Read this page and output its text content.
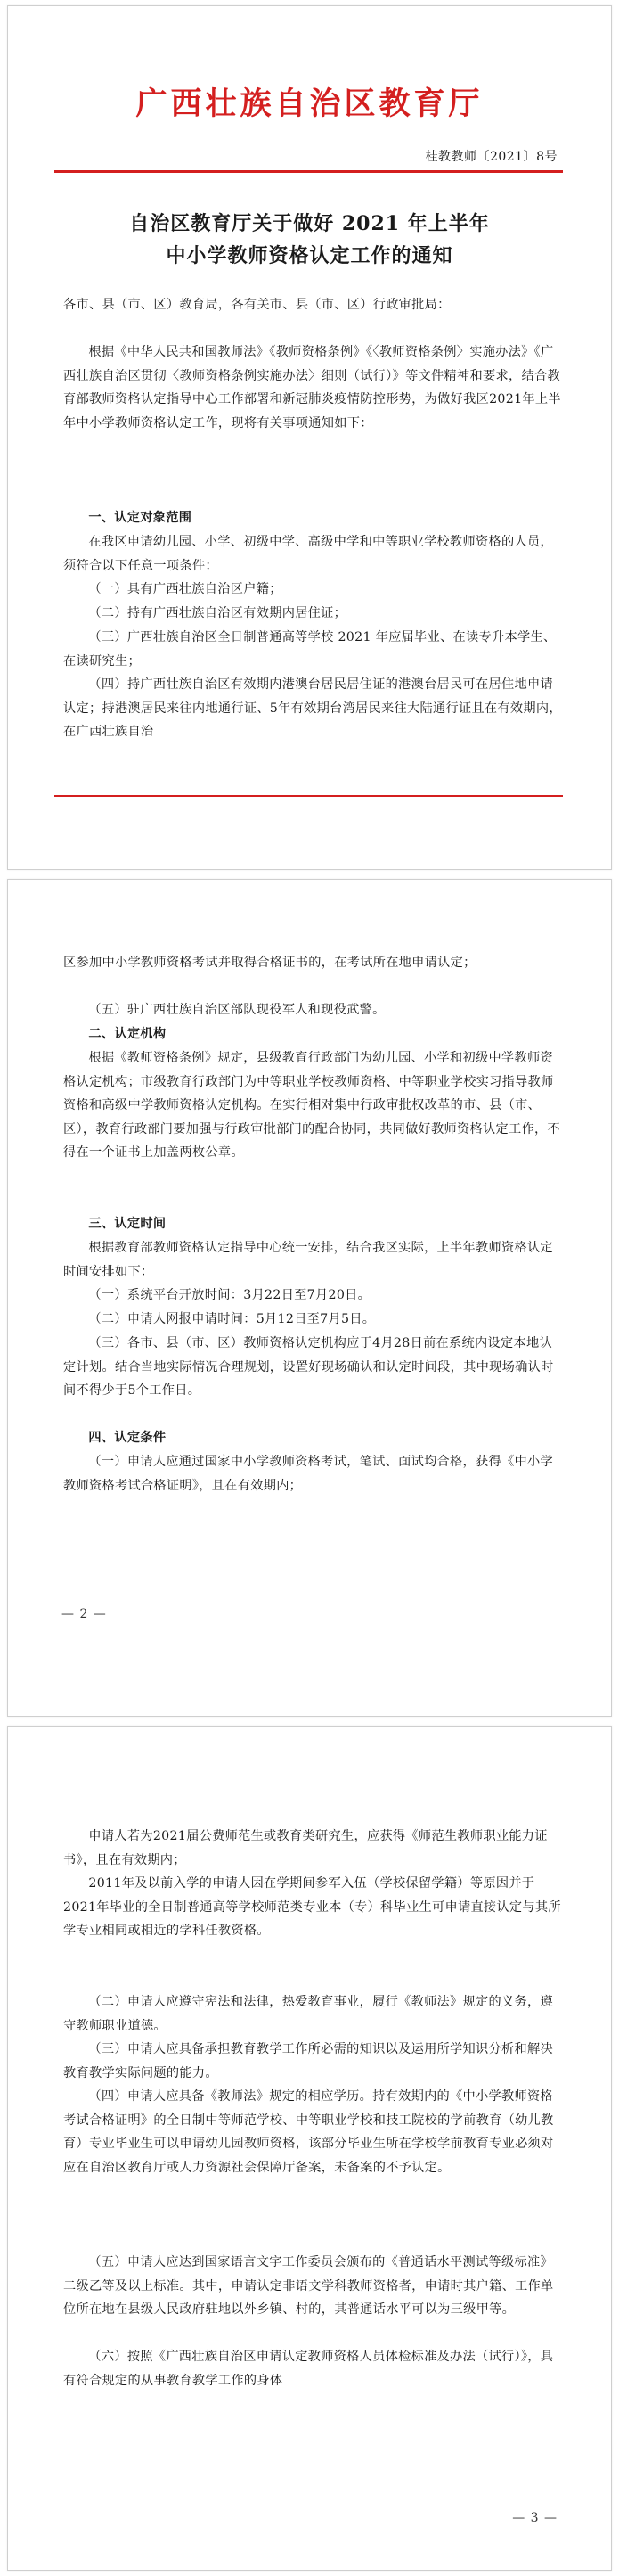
广西壮族自治区教育厅
桂教教师〔2021〕8号
自治区教育厅关于做好 2021 年上半年
中小学教师资格认定工作的通知

各市、县（市、区）教育局，各有关市、县（市、区）行政审批局：

根据《中华人民共和国教师法》《教师资格条例》《〈教师资格条例〉实施办法》《广西壮族自治区贯彻〈教师资格条例实施办法〉细则（试行）》等文件精神和要求，结合教育部教师资格认定指导中心工作部署和新冠肺炎疫情防控形势，为做好我区2021年上半年中小学教师资格认定工作，现将有关事项通知如下：

一、认定对象范围

在我区申请幼儿园、小学、初级中学、高级中学和中等职业学校教师资格的人员，须符合以下任意一项条件：

（一）具有广西壮族自治区户籍；

（二）持有广西壮族自治区有效期内居住证；

（三）广西壮族自治区全日制普通高等学校 2021 年应届毕业、在读专升本学生、在读研究生；

（四）持广西壮族自治区有效期内港澳台居民居住证的港澳台居民可在居住地申请认定；持港澳居民来往内地通行证、5年有效期台湾居民来往大陆通行证且在有效期内，在广西壮族自治

区参加中小学教师资格考试并取得合格证书的，在考试所在地申请认定；

（五）驻广西壮族自治区部队现役军人和现役武警。

二、认定机构

根据《教师资格条例》规定，县级教育行政部门为幼儿园、小学和初级中学教师资格认定机构；市级教育行政部门为中等职业学校教师资格、中等职业学校实习指导教师资格和高级中学教师资格认定机构。在实行相对集中行政审批权改革的市、县（市、区），教育行政部门要加强与行政审批部门的配合协同，共同做好教师资格认定工作，不得在一个证书上加盖两枚公章。

三、认定时间

根据教育部教师资格认定指导中心统一安排，结合我区实际，上半年教师资格认定时间安排如下：

（一）系统平台开放时间：3月22日至7月20日。

（二）申请人网报申请时间：5月12日至7月5日。

（三）各市、县（市、区）教师资格认定机构应于4月28日前在系统内设定本地认定计划。结合当地实际情况合理规划，设置好现场确认和认定时间段，其中现场确认时间不得少于5个工作日。

四、认定条件

（一）申请人应通过国家中小学教师资格考试，笔试、面试均合格，获得《中小学教师资格考试合格证明》，且在有效期内；

— 2 —

申请人若为2021届公费师范生或教育类研究生，应获得《师范生教师职业能力证书》，且在有效期内；

2011年及以前入学的申请人因在学期间参军入伍（学校保留学籍）等原因并于2021年毕业的全日制普通高等学校师范类专业本（专）科毕业生可申请直接认定与其所学专业相同或相近的学科任教资格。

（二）申请人应遵守宪法和法律，热爱教育事业，履行《教师法》规定的义务，遵守教师职业道德。

（三）申请人应具备承担教育教学工作所必需的知识以及运用所学知识分析和解决教育教学实际问题的能力。

（四）申请人应具备《教师法》规定的相应学历。持有效期内的《中小学教师资格考试合格证明》的全日制中等师范学校、中等职业学校和技工院校的学前教育（幼儿教育）专业毕业生可以申请幼儿园教师资格，该部分毕业生所在学校学前教育专业必须对应在自治区教育厅或人力资源社会保障厅备案，未备案的不予认定。

（五）申请人应达到国家语言文字工作委员会颁布的《普通话水平测试等级标准》二级乙等及以上标准。其中，申请认定非语文学科教师资格者，申请时其户籍、工作单位所在地在县级人民政府驻地以外乡镇、村的，其普通话水平可以为三级甲等。

（六）按照《广西壮族自治区申请认定教师资格人员体检标准及办法（试行）》，具有符合规定的从事教育教学工作的身体

— 3 —
